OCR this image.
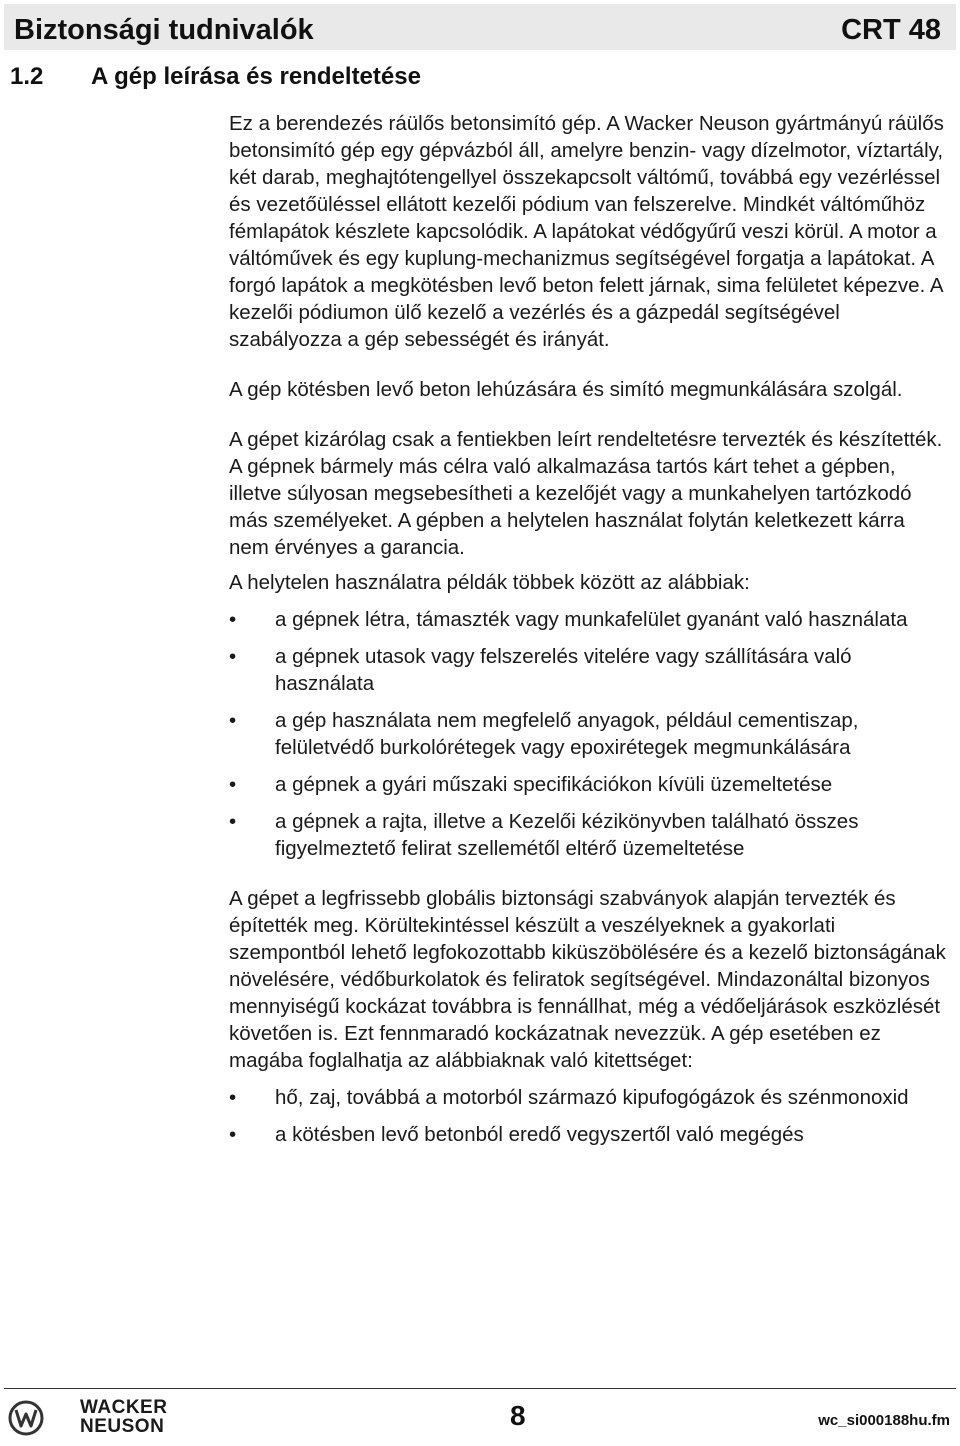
Biztonsági tudnivalók	CRT 48
1.2 A gép leírása és rendeltetése

Ez a berendezés ráülős betonsimító gép. A Wacker Neuson gyártmányú ráülős betonsimító gép egy gépvázból áll, amelyre benzin- vagy dízelmotor, víztartály, két darab, meghajtótengellyel összekapcsolt váltómű, továbbá egy vezérléssel és vezetőüléssel ellátott kezelői pódium van felszerelve. Mindkét váltóműhöz fémlapátok készlete kapcsolódik. A lapátokat védőgyűrű veszi körül. A motor a váltóművek és egy kuplung-mechanizmus segítségével forgatja a lapátokat. A forgó lapátok a megkötésben levő beton felett járnak, sima felületet képezve. A kezelői pódiumon ülő kezelő a vezérlés és a gázpedál segítségével szabályozza a gép sebességét és irányát.

A gép kötésben levő beton lehúzására és simító megmunkálására szolgál.

A gépet kizárólag csak a fentiekben leírt rendeltetésre tervezték és készítették. A gépnek bármely más célra való alkalmazása tartós kárt tehet a gépben, illetve súlyosan megsebesítheti a kezelőjét vagy a munkahelyen tartózkodó más személyeket. A gépben a helytelen használat folytán keletkezett kárra nem érvényes a garancia.

A helytelen használatra példák többek között az alábbiak:

• a gépnek létra, támaszték vagy munkafelület gyanánt való használata
• a gépnek utasok vagy felszerelés vitelére vagy szállítására való használata
• a gép használata nem megfelelő anyagok, például cementiszap, felületvédő burkolórétegek vagy epoxirétegek megmunkálására
• a gépnek a gyári műszaki specifikációkon kívüli üzemeltetése
• a gépnek a rajta, illetve a Kezelői kézikönyvben található összes figyelmeztető felirat szellemétől eltérő üzemeltetése

A gépet a legfrissebb globális biztonsági szabványok alapján tervezték és építették meg. Körültekintéssel készült a veszélyeknek a gyakorlati szempontból lehető legfokozottabb kiküszöbölésére és a kezelő biztonságának növelésére, védőburkolatok és feliratok segítségével. Mindazonáltal bizonyos mennyiségű kockázat továbbra is fennállhat, még a védőeljárások eszközlését követően is. Ezt fennmaradó kockázatnak nevezzük. A gép esetében ez magába foglalhatja az alábbiaknak való kitettséget:

• hő, zaj, továbbá a motorból származó kipufogógázok és szénmonoxid
• a kötésben levő betonból eredő vegyszertől való megégés
WACKER
NEUSON	8	wc_si000188hu.fm
